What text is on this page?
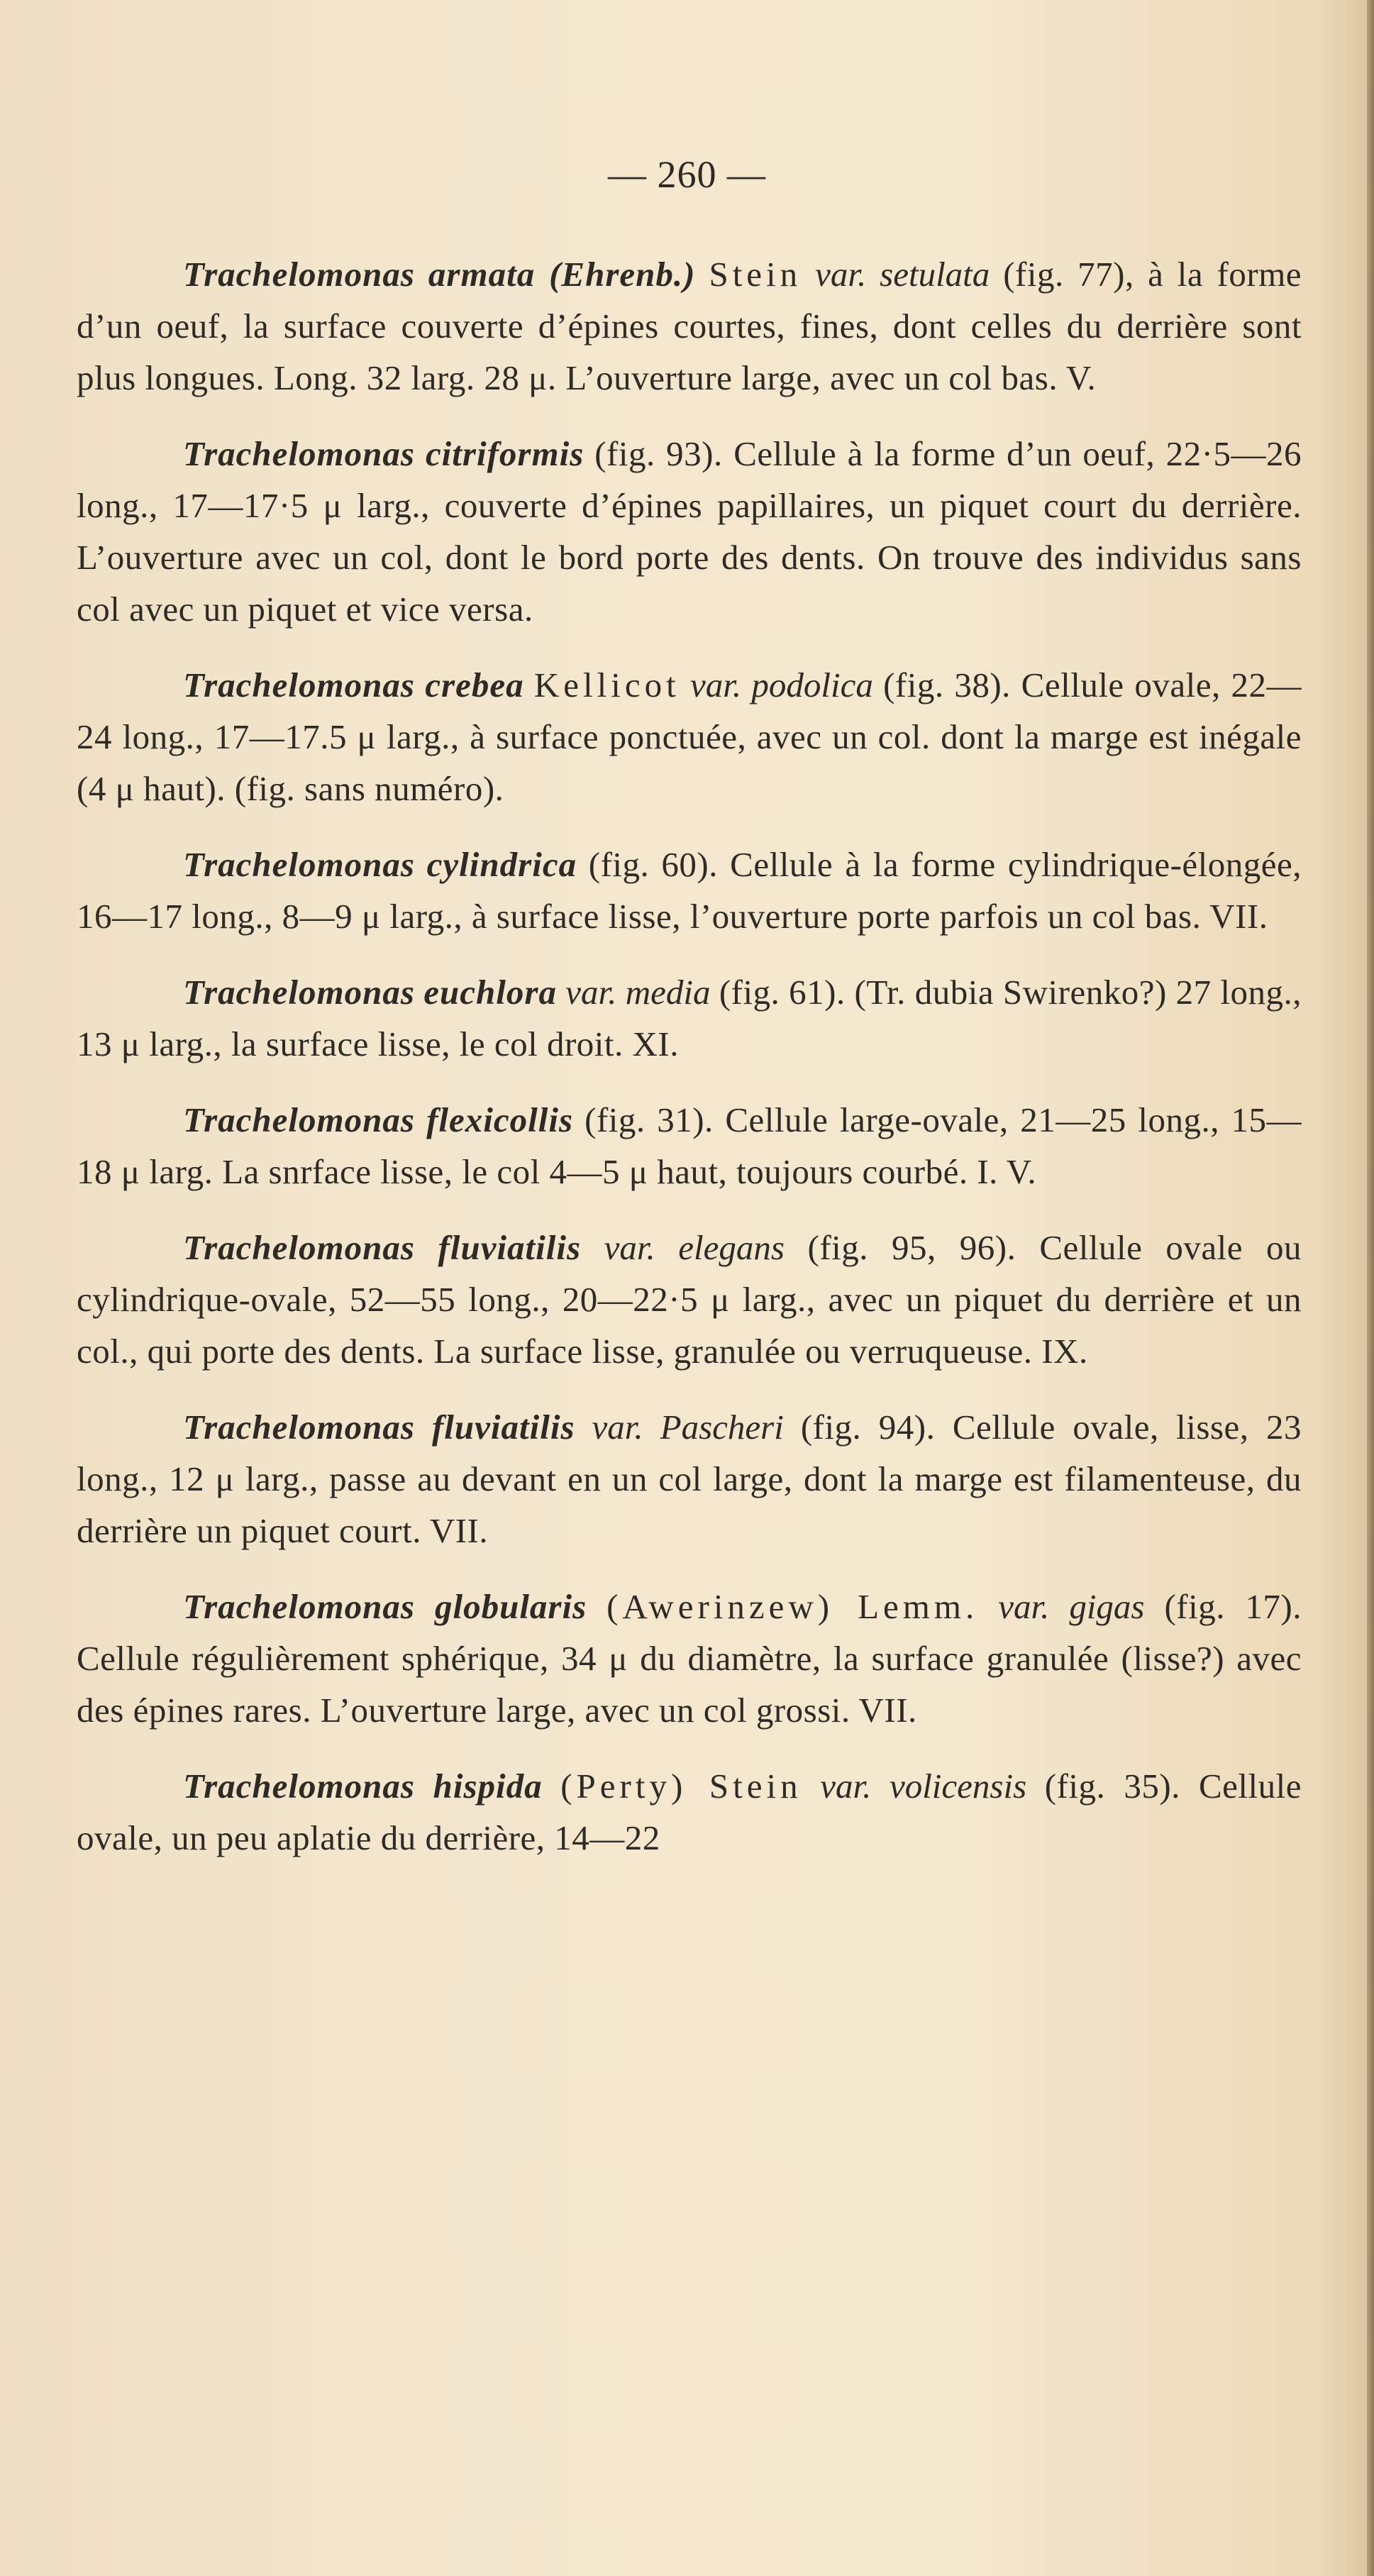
— 260 —

Trachelomonas armata (Ehrenb.) Stein var. setulata (fig. 77), à la forme d’un oeuf, la surface couverte d’épines courtes, fines, dont celles du derrière sont plus longues. Long. 32 larg. 28 μ. L’ouverture large, avec un col bas. V.

Trachelomonas citriformis (fig. 93). Cellule à la forme d’un oeuf, 22·5—26 long., 17—17·5 μ larg., couverte d’épines papillaires, un piquet court du derrière. L’ouverture avec un col, dont le bord porte des dents. On trouve des individus sans col avec un piquet et vice versa.

Trachelomonas crebea Kellicot var. podolica (fig. 38). Cellule ovale, 22—24 long., 17—17.5 μ larg., à surface ponctuée, avec un col. dont la marge est inégale (4 μ haut). (fig. sans numéro).

Trachelomonas cylindrica (fig. 60). Cellule à la forme cylindrique-élongée, 16—17 long., 8—9 μ larg., à surface lisse, l’ouverture porte parfois un col bas. VII.

Trachelomonas euchlora var. media (fig. 61). (Tr. dubia Swirenko?) 27 long., 13 μ larg., la surface lisse, le col droit. XI.

Trachelomonas flexicollis (fig. 31). Cellule large-ovale, 21—25 long., 15—18 μ larg. La snrface lisse, le col 4—5 μ haut, toujours courbé. I. V.

Trachelomonas fluviatilis var. elegans (fig. 95, 96). Cellule ovale ou cylindrique-ovale, 52—55 long., 20—22·5 μ larg., avec un piquet du derrière et un col., qui porte des dents. La surface lisse, granulée ou verruqueuse. IX.

Trachelomonas fluviatilis var. Pascheri (fig. 94). Cellule ovale, lisse, 23 long., 12 μ larg., passe au devant en un col large, dont la marge est filamenteuse, du derrière un piquet court. VII.

Trachelomonas globularis (Awerinzew) Lemm. var. gigas (fig. 17). Cellule régulièrement sphérique, 34 μ du diamètre, la surface granulée (lisse?) avec des épines rares. L’ouverture large, avec un col grossi. VII.

Trachelomonas hispida (Perty) Stein var. volicensis (fig. 35). Cellule ovale, un peu aplatie du derrière, 14—22
